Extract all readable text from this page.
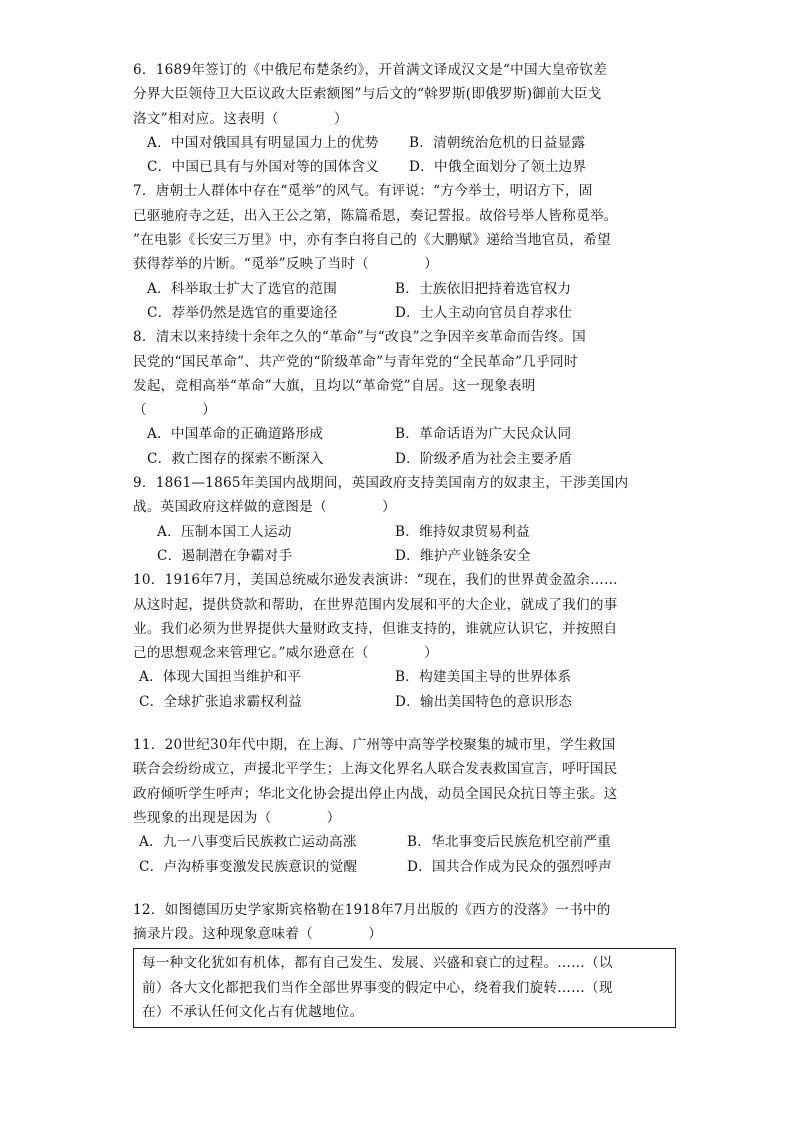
6．1689年签订的《中俄尼布楚条约》，开首满文译成汉文是“中国大皇帝钦差
分界大臣领侍卫大臣议政大臣索额图”与后文的“斡罗斯(即俄罗斯)御前大臣戈
洛文”相对应。这表明（　　　　）
A．中国对俄国具有明显国力上的优势	B．清朝统治危机的日益显露
C．中国已具有与外国对等的国体含义	D．中俄全面划分了领土边界
7．唐朝士人群体中存在“觅举”的风气。有评说：“方今举士，明诏方下，固
已驱驰府寺之廷，出入王公之第，陈篇希恩，奏记誓报。故俗号举人皆称觅举。
”在电影《长安三万里》中，亦有李白将自己的《大鹏赋》递给当地官员，希望
获得荐举的片断。“觅举”反映了当时（　　　　）
A．科举取士扩大了选官的范围	B．士族依旧把持着选官权力
C．荐举仍然是选官的重要途径	D．士人主动向官员自荐求仕
8．清末以来持续十余年之久的“革命”与“改良”之争因辛亥革命而告终。国
民党的“国民革命”、共产党的“阶级革命”与青年党的“全民革命”几乎同时
发起，竞相高举“革命”大旗，且均以“革命党”自居。这一现象表明
（　　　　）
A．中国革命的正确道路形成	B．革命话语为广大民众认同
C．救亡图存的探索不断深入	D．阶级矛盾为社会主要矛盾
9．1861—1865年美国内战期间，英国政府支持美国南方的奴隶主，干涉美国内
战。英国政府这样做的意图是（　　　　）
A．压制本国工人运动	B．维持奴隶贸易利益
C．遏制潜在争霸对手	D．维护产业链条安全
10．1916年7月，美国总统威尔逊发表演讲：“现在，我们的世界黄金盈余……
从这时起，提供贷款和帮助，在世界范围内发展和平的大企业，就成了我们的事
业。我们必须为世界提供大量财政支持，但谁支持的，谁就应认识它，并按照自
己的思想观念来管理它。”威尔逊意在（　　　　）
A．体现大国担当维护和平	B．构建美国主导的世界体系
C．全球扩张追求霸权利益	D．输出美国特色的意识形态
11．20世纪30年代中期，在上海、广州等中高等学校聚集的城市里，学生救国
联合会纷纷成立，声援北平学生；上海文化界名人联合发表救国宣言，呼吁国民
政府倾听学生呼声；华北文化协会提出停止内战，动员全国民众抗日等主张。这
些现象的出现是因为（　　　　）
A．九一八事变后民族救亡运动高涨	B．华北事变后民族危机空前严重
C．卢沟桥事变激发民族意识的觉醒	D．国共合作成为民众的强烈呼声
12．如图德国历史学家斯宾格勒在1918年7月出版的《西方的没落》一书中的
摘录片段。这种现象意味着（　　　　）
每一种文化犹如有机体，都有自己发生、发展、兴盛和衰亡的过程。……（以
前）各大文化都把我们当作全部世界事变的假定中心，绕着我们旋转……（现
在）不承认任何文化占有优越地位。
